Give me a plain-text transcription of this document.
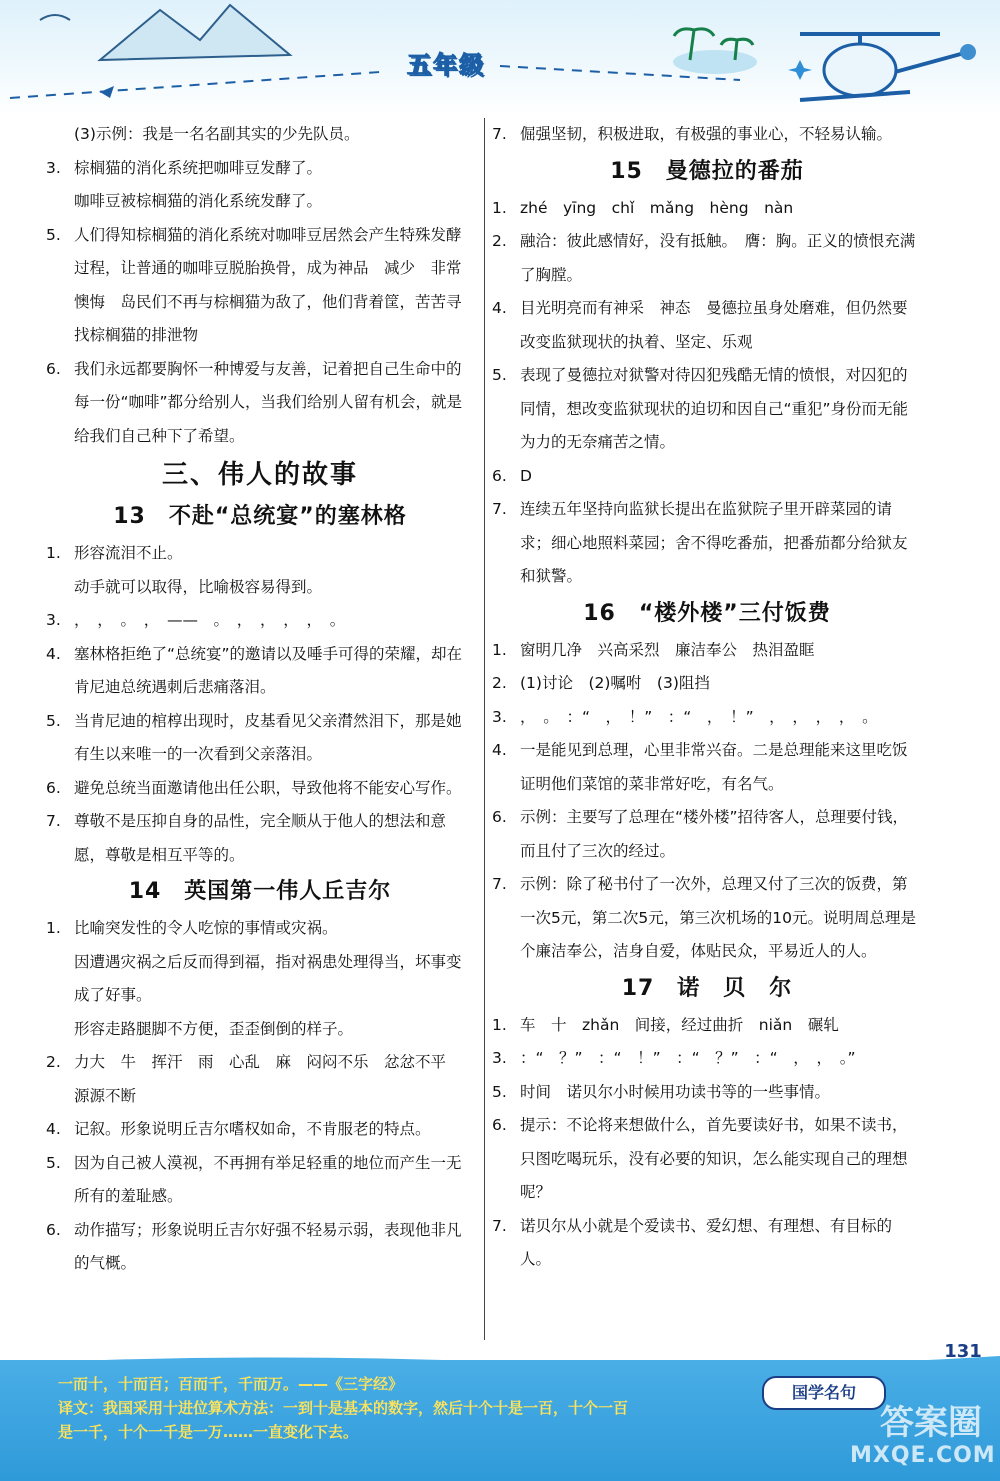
五年级
(3)示例：我是一名名副其实的少先队员。
3. 棕榈猫的消化系统把咖啡豆发酵了。
咖啡豆被棕榈猫的消化系统发酵了。
5. 人们得知棕榈猫的消化系统对咖啡豆居然会产生特殊发酵过程，让普通的咖啡豆脱胎换骨，成为神品　减少　非常懊悔　岛民们不再与棕榈猫为敌了，他们背着筐，苦苦寻找棕榈猫的排泄物
6. 我们永远都要胸怀一种博爱与友善，记着把自己生命中的每一份“咖啡”都分给别人，当我们给别人留有机会，就是给我们自己种下了希望。
三、伟人的故事
13　不赴“总统宴”的塞林格
1. 形容流泪不止。
动手就可以取得，比喻极容易得到。
3. ，　，　。　，　——　。　，　，　，　，　。
4. 塞林格拒绝了“总统宴”的邀请以及唾手可得的荣耀，却在肯尼迪总统遇刺后悲痛落泪。
5. 当肯尼迪的棺椁出现时，皮基看见父亲潸然泪下，那是她有生以来唯一的一次看到父亲落泪。
6. 避免总统当面邀请他出任公职，导致他将不能安心写作。
7. 尊敬不是压抑自身的品性，完全顺从于他人的想法和意愿，尊敬是相互平等的。
14　英国第一伟人丘吉尔
1. 比喻突发性的令人吃惊的事情或灾祸。
因遭遇灾祸之后反而得到福，指对祸患处理得当，坏事变成了好事。
形容走路腿脚不方便，歪歪倒倒的样子。
2. 力大　牛　挥汗　雨　心乱　麻　闷闷不乐　忿忿不平　源源不断
4. 记叙。形象说明丘吉尔嗜权如命，不肯服老的特点。
5. 因为自己被人漠视，不再拥有举足轻重的地位而产生一无所有的羞耻感。
6. 动作描写；形象说明丘吉尔好强不轻易示弱，表现他非凡的气概。
7. 倔强坚韧，积极进取，有极强的事业心，不轻易认输。
15　曼德拉的番茄
1. zhé　yīng　chǐ　mǎng　hèng　nàn
2. 融洽：彼此感情好，没有抵触。　膺：胸。正义的愤恨充满了胸膛。
4. 目光明亮而有神采　神态　曼德拉虽身处磨难，但仍然要改变监狱现状的执着、坚定、乐观
5. 表现了曼德拉对狱警对待囚犯残酷无情的愤恨，对囚犯的同情，想改变监狱现状的迫切和因自己“重犯”身份而无能为力的无奈痛苦之情。
6. D
7. 连续五年坚持向监狱长提出在监狱院子里开辟菜园的请求；细心地照料菜园；舍不得吃番茄，把番茄都分给狱友和狱警。
16　“楼外楼”三付饭费
1. 窗明几净　兴高采烈　廉洁奉公　热泪盈眶
2. (1)讨论　(2)嘱咐　(3)阻挡
3. ，　。　：“　，　！”　：“　，　！”　，　，　，　，　。
4. 一是能见到总理，心里非常兴奋。二是总理能来这里吃饭证明他们菜馆的菜非常好吃，有名气。
6. 示例：主要写了总理在“楼外楼”招待客人，总理要付钱，而且付了三次的经过。
7. 示例：除了秘书付了一次外，总理又付了三次的饭费，第一次5元，第二次5元，第三次机场的10元。说明周总理是个廉洁奉公，洁身自爱，体贴民众，平易近人的人。
17　诺　贝　尔
1. 车　十　zhǎn　间接，经过曲折　niǎn　碾轧
3. ：“　？”　：“　！”　：“　？”　：“　，　，　。”
5. 时间　诺贝尔小时候用功读书等的一些事情。
6. 提示：不论将来想做什么，首先要读好书，如果不读书，只图吃喝玩乐，没有必要的知识，怎么能实现自己的理想呢？
7. 诺贝尔从小就是个爱读书、爱幻想、有理想、有目标的人。
一而十，十而百；百而千，千而万。——《三字经》
译文：我国采用十进位算术方法：一到十是基本的数字，然后十个十是一百，十个一百
是一千，十个一千是一万……一直变化下去。
国学名句
答案圈
MXQE.COM
131
